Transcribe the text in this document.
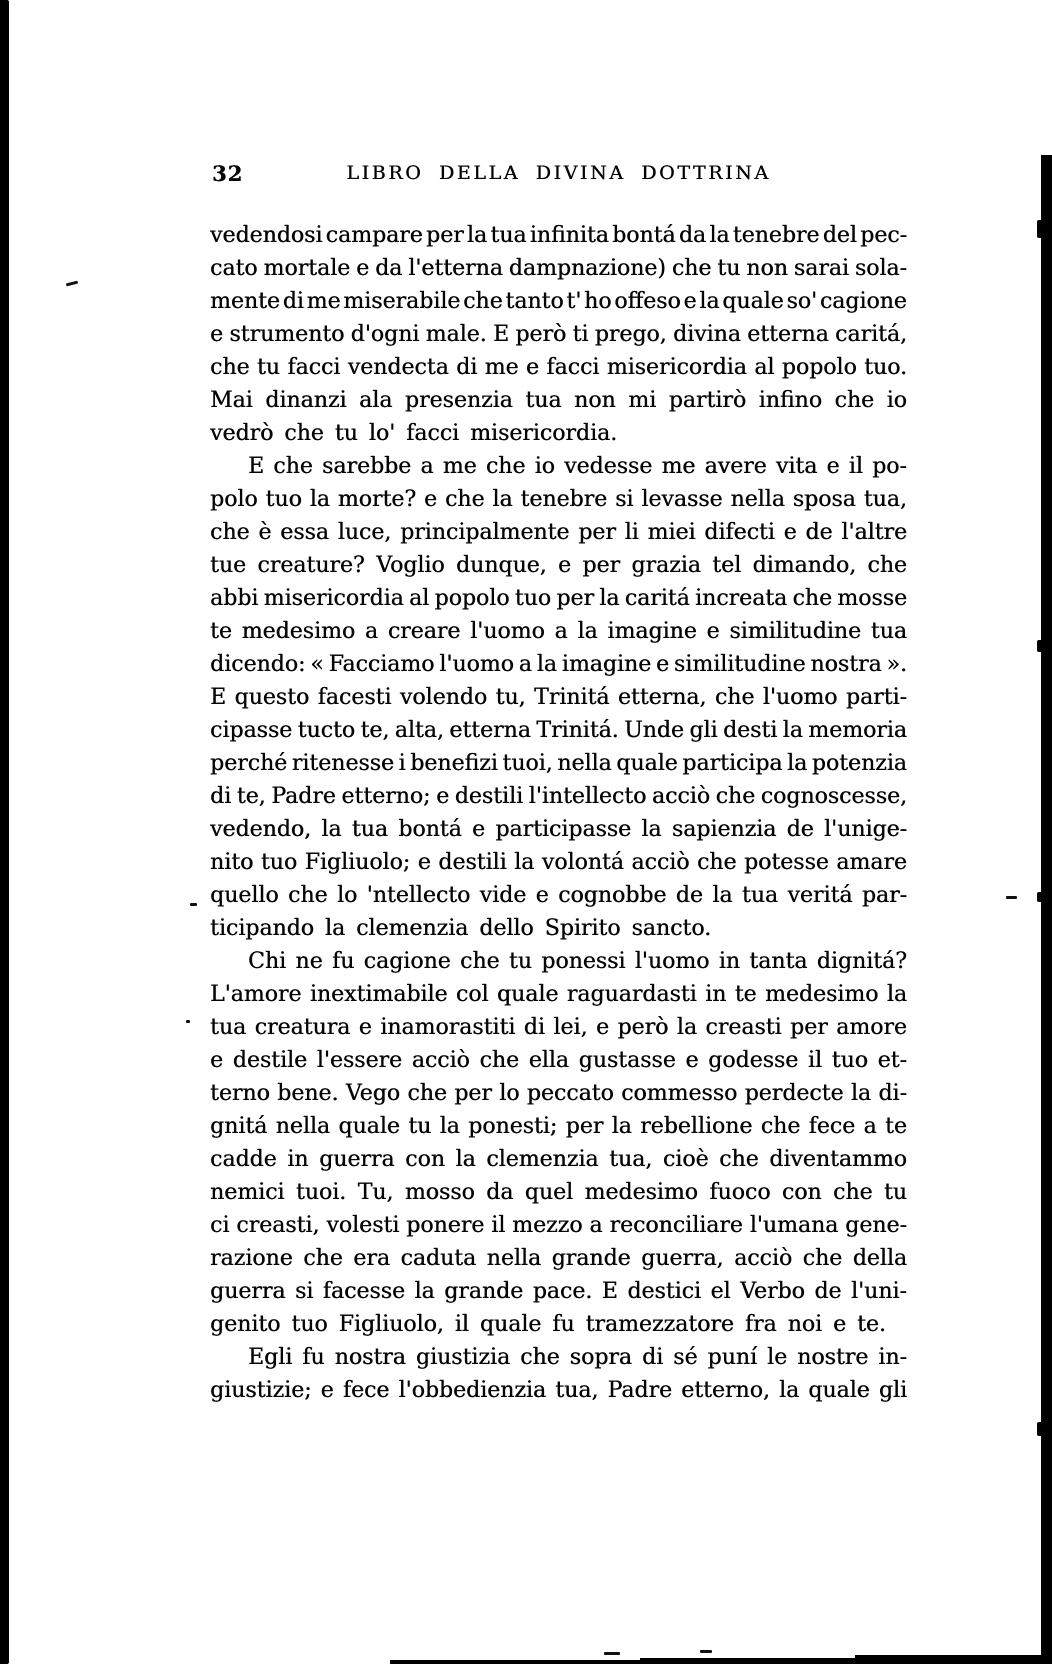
32	LIBRO DELLA DIVINA DOTTRINA
vedendosi campare per la tua infinita bontá da la tenebre del pec-
cato mortale e da l'etterna dampnazione) che tu non sarai sola-
mente di me miserabile che tanto t' ho offeso e la quale so' cagione
e strumento d'ogni male. E però ti prego, divina etterna caritá,
che tu facci vendecta di me e facci misericordia al popolo tuo.
Mai dinanzi ala presenzia tua non mi partirò infino che io
vedrò che tu lo' facci misericordia.
E che sarebbe a me che io vedesse me avere vita e il po-
polo tuo la morte? e che la tenebre si levasse nella sposa tua,
che è essa luce, principalmente per li miei difecti e de l'altre
tue creature? Voglio dunque, e per grazia tel dimando, che
abbi misericordia al popolo tuo per la caritá increata che mosse
te medesimo a creare l'uomo a la imagine e similitudine tua
dicendo: « Facciamo l'uomo a la imagine e similitudine nostra ».
E questo facesti volendo tu, Trinitá etterna, che l'uomo parti-
cipasse tucto te, alta, etterna Trinitá. Unde gli desti la memoria
perché ritenesse i benefizi tuoi, nella quale participa la potenzia
di te, Padre etterno; e destili l'intellecto acciò che cognoscesse,
vedendo, la tua bontá e participasse la sapienzia de l'unige-
nito tuo Figliuolo; e destili la volontá acciò che potesse amare
quello che lo 'ntellecto vide e cognobbe de la tua veritá par-
ticipando la clemenzia dello Spirito sancto.
Chi ne fu cagione che tu ponessi l'uomo in tanta dignitá?
L'amore inextimabile col quale raguardasti in te medesimo la
tua creatura e inamorastiti di lei, e però la creasti per amore
e destile l'essere acciò che ella gustasse e godesse il tuo et-
terno bene. Vego che per lo peccato commesso perdecte la di-
gnitá nella quale tu la ponesti; per la rebellione che fece a te
cadde in guerra con la clemenzia tua, cioè che diventammo
nemici tuoi. Tu, mosso da quel medesimo fuoco con che tu
ci creasti, volesti ponere il mezzo a reconciliare l'umana gene-
razione che era caduta nella grande guerra, acciò che della
guerra si facesse la grande pace. E destici el Verbo de l'uni-
genito tuo Figliuolo, il quale fu tramezzatore fra noi e te.
Egli fu nostra giustizia che sopra di sé puní le nostre in-
giustizie; e fece l'obbedienzia tua, Padre etterno, la quale gli
